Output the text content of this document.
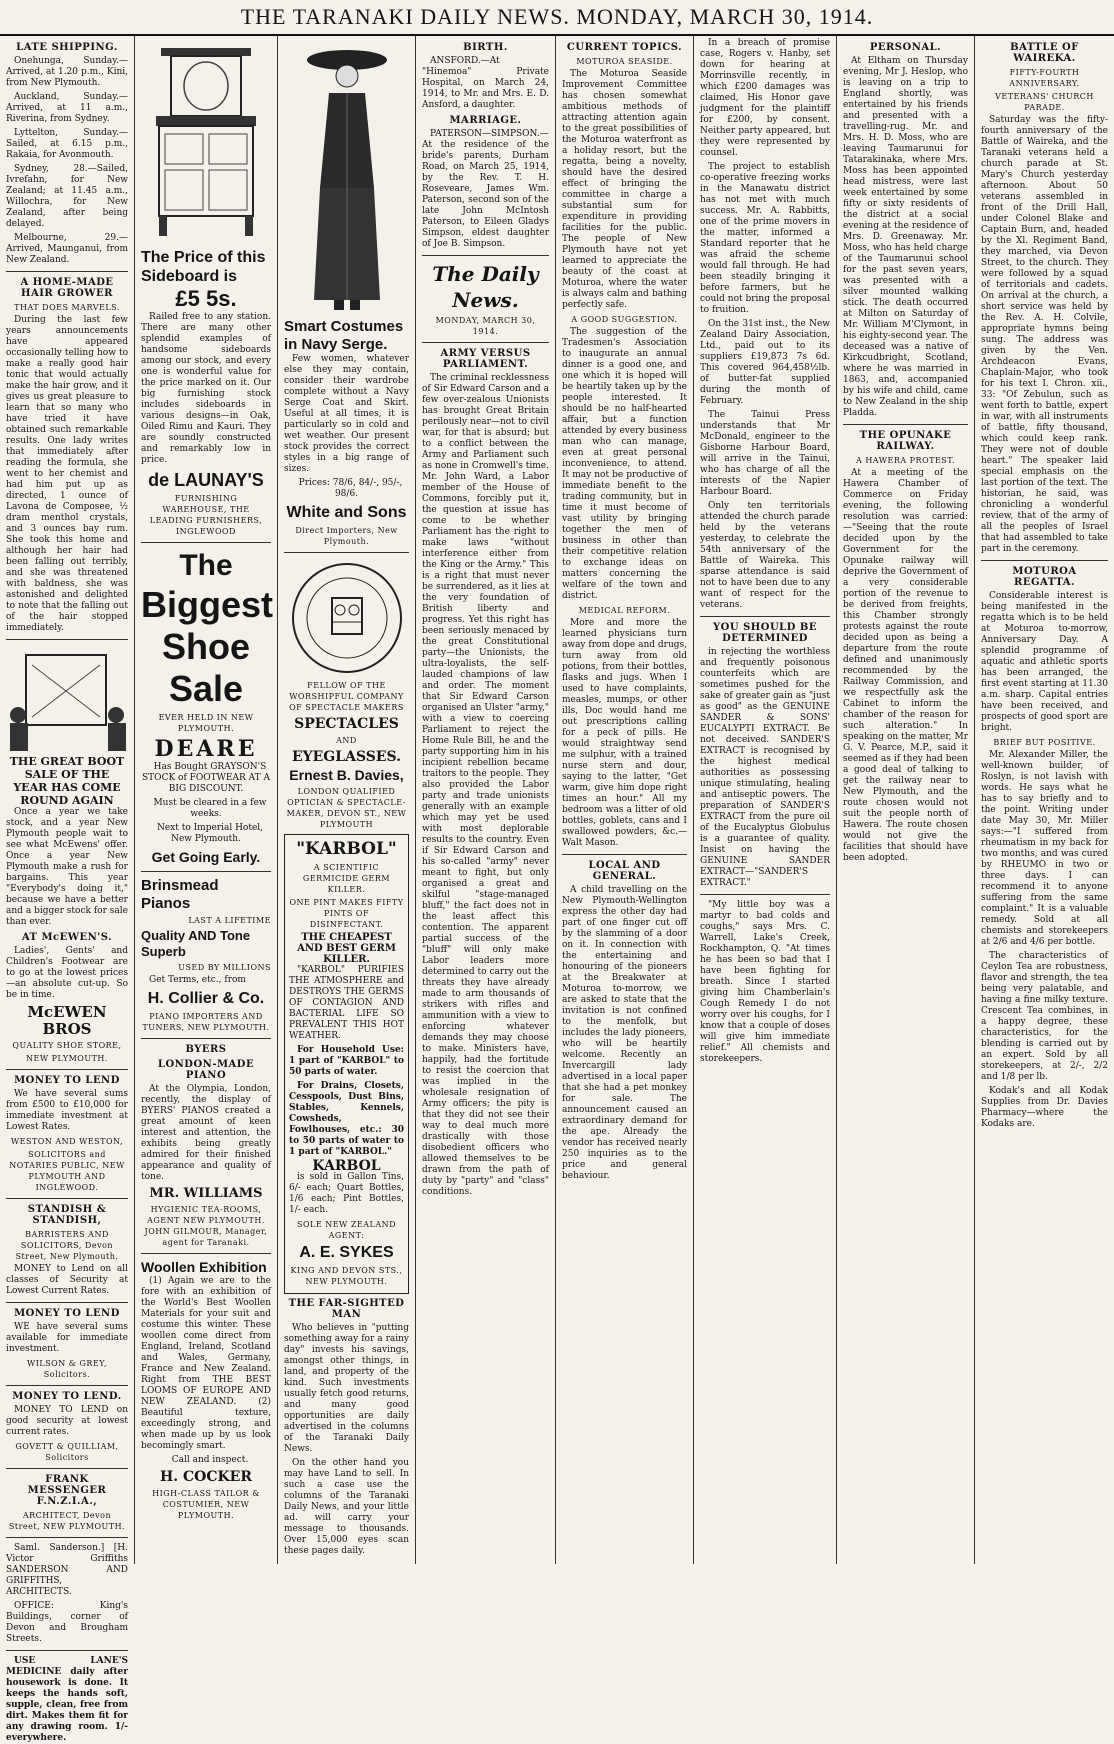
THE TARANAKI DAILY NEWS. MONDAY, MARCH 30, 1914.
LATE SHIPPING.

Onehunga, Sunday.—Arrived, at 1.20 p.m., Kini, from New Plymouth.

Auckland, Sunday.—Arrived, at 11 a.m., Riverina, from Sydney.

Lyttelton, Sunday.—Sailed, at 6.15 p.m., Rakaia, for Avonmouth.

Sydney, 28.—Sailed, Ivrefahn, for New Zealand; at 11.45 a.m., Willochra, for New Zealand, after being delayed.

Melbourne, 29.—Arrived, Maunganui, from New Zealand.

A HOME-MADE HAIR GROWER
THAT DOES MARVELS.

During the last few years announcements have appeared occasionally telling how to make a really good hair tonic that would actually make the hair grow, and it gives us great pleasure to learn that so many who have tried it have obtained such remarkable results. One lady writes that immediately after reading the formula, she went to her chemist and had him put up as directed, 1 ounce of Lavona de Composee, ½ dram menthol crystals, and 3 ounces bay rum. She took this home and although her hair had been falling out terribly, and she was threatened with baldness, she was astonished and delighted to note that the falling out of the hair stopped immediately.

THE GREAT BOOT SALE OF THE YEAR HAS COME ROUND AGAIN

Once a year we take stock, and a year New Plymouth people wait to see what McEwens' offer. Once a year New Plymouth make a rush for bargains. This year "Everybody's doing it," because we have a better and a bigger stock for sale than ever.

AT McEWEN'S.

Ladies', Gents' and Children's Footwear are to go at the lowest prices—an absolute cut-up. So be in time.

McEWEN BROS
QUALITY SHOE STORE,
NEW PLYMOUTH.
MONEY TO LEND

We have several sums from £500 to £10,000 for immediate investment at Lowest Rates.

WESTON AND WESTON,
SOLICITORS and NOTARIES PUBLIC, NEW PLYMOUTH AND INGLEWOOD.
STANDISH & STANDISH,
BARRISTERS AND SOLICITORS, Devon Street, New Plymouth.

MONEY to Lend on all classes of Security at Lowest Current Rates.

MONEY TO LEND

WE have several sums available for immediate investment.

WILSON & GREY, Solicitors.
MONEY TO LEND.

MONEY TO LEND on good security at lowest current rates.

GOVETT & QUILLIAM, Solicitors
FRANK MESSENGER F.N.Z.I.A.,
ARCHITECT, Devon Street, NEW PLYMOUTH.

Saml. Sanderson.] [H. Victor Griffiths SANDERSON AND GRIFFITHS, ARCHITECTS.

OFFICE: King's Buildings, corner of Devon and Brougham Streets.

USE LANE'S MEDICINE daily after housework is done. It keeps the hands soft, supple, clean, free from dirt. Makes them fit for any drawing room. 1/- everywhere.

The Price of this Sideboard is
£5 5s.

Railed free to any station. There are many other splendid examples of handsome sideboards among our stock, and every one is wonderful value for the price marked on it. Our big furnishing stock includes sideboards in various designs—in Oak, Oiled Rimu and Kauri. They are soundly constructed and remarkably low in price.

de LAUNAY'S
FURNISHING WAREHOUSE, THE LEADING FURNISHERS, INGLEWOOD
The
Biggest
Shoe
Sale
EVER HELD IN NEW PLYMOUTH.
DEARE

Has Bought GRAYSON'S STOCK of FOOTWEAR AT A BIG DISCOUNT.

Must be cleared in a few weeks.

Next to Imperial Hotel, New Plymouth.

Get Going Early.
Brinsmead Pianos
LAST A LIFETIME
Quality AND Tone Superb
USED BY MILLIONS

Get Terms, etc., from

H. Collier & Co.
PIANO IMPORTERS AND TUNERS, NEW PLYMOUTH.
BYERS
LONDON-MADE PIANO

At the Olympia, London, recently, the display of BYERS' PIANOS created a great amount of keen interest and attention, the exhibits being greatly admired for their finished appearance and quality of tone.

MR. WILLIAMS
HYGIENIC TEA-ROOMS, AGENT NEW PLYMOUTH. JOHN GILMOUR, Manager, agent for Taranaki.
Woollen Exhibition

(1) Again we are to the fore with an exhibition of the World's Best Woollen Materials for your suit and costume this winter. These woollen come direct from England, Ireland, Scotland and Wales, Germany, France and New Zealand. Right from THE BEST LOOMS OF EUROPE AND NEW ZEALAND. (2) Beautiful texture, exceedingly strong, and when made up by us look becomingly smart.

Call and inspect.

H. COCKER
HIGH-CLASS TAILOR & COSTUMIER, NEW PLYMOUTH.
Smart Costumes in Navy Serge.

Few women, whatever else they may contain, consider their wardrobe complete without a Navy Serge Coat and Skirt. Useful at all times, it is particularly so in cold and wet weather. Our present stock provides the correct styles in a big range of sizes.

Prices: 78/6, 84/-, 95/-, 98/6.

White and Sons
Direct Importers, New Plymouth.
FELLOW OF THE WORSHIPFUL COMPANY OF SPECTACLE MAKERS
SPECTACLES
AND
EYEGLASSES.
Ernest B. Davies,
LONDON QUALIFIED OPTICIAN & SPECTACLE-MAKER, DEVON ST., NEW PLYMOUTH
"KARBOL"
A SCIENTIFIC GERMICIDE GERM KILLER.
ONE PINT MAKES FIFTY PINTS OF DISINFECTANT.
THE CHEAPEST AND BEST GERM KILLER.

"KARBOL" PURIFIES THE ATMOSPHERE and DESTROYS THE GERMS OF CONTAGION AND BACTERIAL LIFE SO PREVALENT THIS HOT WEATHER.

For Household Use: 1 part of "KARBOL" to 50 parts of water.

For Drains, Closets, Cesspools, Dust Bins, Stables, Kennels, Cowsheds, Fowlhouses, etc.: 30 to 50 parts of water to 1 part of "KARBOL."

KARBOL

is sold in Gallon Tins, 6/- each; Quart Bottles, 1/6 each; Pint Bottles, 1/- each.

SOLE NEW ZEALAND AGENT:
A. E. SYKES
KING AND DEVON STS., NEW PLYMOUTH.
THE FAR-SIGHTED MAN

Who believes in "putting something away for a rainy day" invests his savings, amongst other things, in land, and property of the kind. Such investments usually fetch good returns, and many good opportunities are daily advertised in the columns of the Taranaki Daily News.

On the other hand you may have Land to sell. In such a case use the columns of the Taranaki Daily News, and your little ad. will carry your message to thousands. Over 15,000 eyes scan these pages daily.

BIRTH.

ANSFORD.—At "Hinemoa" Private Hospital, on March 24, 1914, to Mr. and Mrs. E. D. Ansford, a daughter.

MARRIAGE.

PATERSON—SIMPSON.—At the residence of the bride's parents, Durham Road, on March 25, 1914, by the Rev. T. H. Roseveare, James Wm. Paterson, second son of the late John McIntosh Paterson, to Eileen Gladys Simpson, eldest daughter of Joe B. Simpson.

The Daily News.
MONDAY, MARCH 30, 1914.
ARMY VERSUS PARLIAMENT.

The criminal recklessness of Sir Edward Carson and a few over-zealous Unionists has brought Great Britain perilously near—not to civil war, for that is absurd; but to a conflict between the Army and Parliament such as none in Cromwell's time. Mr. John Ward, a Labor member of the House of Commons, forcibly put it, the question at issue has come to be whether Parliament has the right to make laws "without interference either from the King or the Army." This is a right that must never be surrendered, as it lies at the very foundation of British liberty and progress. Yet this right has been seriously menaced by the great Constitutional party—the Unionists, the ultra-loyalists, the self-lauded champions of law and order. The moment that Sir Edward Carson organised an Ulster "army," with a view to coercing Parliament to reject the Home Rule Bill, he and the party supporting him in his incipient rebellion became traitors to the people. They also provided the Labor party and trade unionists generally with an example which may yet be used with most deplorable results to the country. Even if Sir Edward Carson and his so-called "army" never meant to fight, but only organised a great and skilful "stage-managed bluff," the fact does not in the least affect this contention. The apparent partial success of the "bluff" will only make Labor leaders more determined to carry out the threats they have already made to arm thousands of strikers with rifles and ammunition with a view to enforcing whatever demands they may choose to make. Ministers have, happily, had the fortitude to resist the coercion that was implied in the wholesale resignation of Army officers; the pity is that they did not see their way to deal much more drastically with those disobedient officers who allowed themselves to be drawn from the path of duty by "party" and "class" conditions.

CURRENT TOPICS.
MOTUROA SEASIDE.

The Moturoa Seaside Improvement Committee has chosen somewhat ambitious methods of attracting attention again to the great possibilities of the Moturoa waterfront as a holiday resort, but the regatta, being a novelty, should have the desired effect of bringing the committee in charge a substantial sum for expenditure in providing facilities for the public. The people of New Plymouth have not yet learned to appreciate the beauty of the coast at Moturoa, where the water is always calm and bathing perfectly safe.

A GOOD SUGGESTION.

The suggestion of the Tradesmen's Association to inaugurate an annual dinner is a good one, and one which it is hoped will be heartily taken up by the people interested. It should be no half-hearted affair, but a function attended by every business man who can manage, even at great personal inconvenience, to attend. It may not be productive of immediate benefit to the trading community, but in time it must become of vast utility by bringing together the men of business in other than their competitive relation to exchange ideas on matters concerning the welfare of the town and district.

MEDICAL REFORM.

More and more the learned physicians turn away from dope and drugs, turn away from old potions, from their bottles, flasks and jugs. When I used to have complaints, measles, mumps, or other ills, Doc would hand me out prescriptions calling for a peck of pills. He would straightway send me sulphur, with a trained nurse stern and dour, saying to the latter, "Get warm, give him dope right times an hour." All my bedroom was a litter of old bottles, goblets, cans and I swallowed powders, &c.—Walt Mason.

LOCAL AND GENERAL.

A child travelling on the New Plymouth-Wellington express the other day had part of one finger cut off by the slamming of a door on it. In connection with the entertaining and honouring of the pioneers at the Breakwater at Moturoa to-morrow, we are asked to state that the invitation is not confined to the menfolk, but includes the lady pioneers, who will be heartily welcome. Recently an Invercargill lady advertised in a local paper that she had a pet monkey for sale. The announcement caused an extraordinary demand for the ape. Already the vendor has received nearly 250 inquiries as to the price and general behaviour.

In a breach of promise case, Rogers v. Hanby, set down for hearing at Morrinsville recently, in which £200 damages was claimed, His Honor gave judgment for the plaintiff for £200, by consent. Neither party appeared, but they were represented by counsel.

The project to establish co-operative freezing works in the Manawatu district has not met with much success. Mr. A. Rabbitts, one of the prime movers in the matter, informed a Standard reporter that he was afraid the scheme would fall through. He had been steadily bringing it before farmers, but he could not bring the proposal to fruition.

On the 31st inst., the New Zealand Dairy Association, Ltd., paid out to its suppliers £19,873 7s 6d. This covered 964,458½lb. of butter-fat supplied during the month of February.

The Tainui Press understands that Mr McDonald, engineer to the Gisborne Harbour Board, will arrive in the Tainui, who has charge of all the interests of the Napier Harbour Board.

Only ten territorials attended the church parade held by the veterans yesterday, to celebrate the 54th anniversary of the Battle of Waireka. This sparse attendance is said not to have been due to any want of respect for the veterans.

YOU SHOULD BE DETERMINED

in rejecting the worthless and frequently poisonous counterfeits which are sometimes pushed for the sake of greater gain as "just as good" as the GENUINE SANDER & SONS' EUCALYPTI EXTRACT. Be not deceived. SANDER'S EXTRACT is recognised by the highest medical authorities as possessing unique stimulating, healing and antiseptic powers. The preparation of SANDER'S EXTRACT from the pure oil of the Eucalyptus Globulus is a guarantee of quality. Insist on having the GENUINE SANDER EXTRACT—"SANDER'S EXTRACT."

"My little boy was a martyr to bad colds and coughs," says Mrs. C. Warrell, Lake's Creek, Rockhampton, Q. "At times he has been so bad that I have been fighting for breath. Since I started giving him Chamberlain's Cough Remedy I do not worry over his coughs, for I know that a couple of doses will give him immediate relief." All chemists and storekeepers.

PERSONAL.

At Eltham on Thursday evening, Mr J. Heslop, who is leaving on a trip to England shortly, was entertained by his friends and presented with a travelling-rug. Mr. and Mrs. H. D. Moss, who are leaving Taumarunui for Tatarakinaka, where Mrs. Moss has been appointed head mistress, were last week entertained by some fifty or sixty residents of the district at a social evening at the residence of Mrs. D. Greenaway. Mr. Moss, who has held charge of the Taumarunui school for the past seven years, was presented with a silver mounted walking stick. The death occurred at Milton on Saturday of Mr. William M'Clymont, in his eighty-second year. The deceased was a native of Kirkcudbright, Scotland, where he was married in 1863, and, accompanied by his wife and child, came to New Zealand in the ship Pladda.

THE OPUNAKE RAILWAY.
A HAWERA PROTEST.

At a meeting of the Hawera Chamber of Commerce on Friday evening, the following resolution was carried:—"Seeing that the route decided upon by the Government for the Opunake railway will deprive the Government of a very considerable portion of the revenue to be derived from freights, this Chamber strongly protests against the route decided upon as being a departure from the route defined and unanimously recommended by the Railway Commission, and we respectfully ask the Cabinet to inform the chamber of the reason for such alteration." In speaking on the matter, Mr G. V. Pearce, M.P., said it seemed as if they had been a good deal of talking to get the railway near to New Plymouth, and the route chosen would not suit the people north of Hawera. The route chosen would not give the facilities that should have been adopted.

BATTLE OF WAIREKA.
FIFTY-FOURTH ANNIVERSARY.
VETERANS' CHURCH PARADE.

Saturday was the fifty-fourth anniversary of the Battle of Waireka, and the Taranaki veterans held a church parade at St. Mary's Church yesterday afternoon. About 50 veterans assembled in front of the Drill Hall, under Colonel Blake and Captain Burn, and, headed by the Xl. Regiment Band, they marched, via Devon Street, to the church. They were followed by a squad of territorials and cadets. On arrival at the church, a short service was held by the Rev. A. H. Colvile, appropriate hymns being sung. The address was given by the Ven. Archdeacon Evans, Chaplain-Major, who took for his text I. Chron. xii., 33: "Of Zebulun, such as went forth to battle, expert in war, with all instruments of battle, fifty thousand, which could keep rank. They were not of double heart." The speaker laid special emphasis on the last portion of the text. The historian, he said, was chronicling a wonderful review, that of the army of all the peoples of Israel that had assembled to take part in the ceremony.

MOTUROA REGATTA.

Considerable interest is being manifested in the regatta which is to be held at Moturoa to-morrow, Anniversary Day. A splendid programme of aquatic and athletic sports has been arranged, the first event starting at 11.30 a.m. sharp. Capital entries have been received, and prospects of good sport are bright.

BRIEF BUT POSITIVE.

Mr. Alexander Miller, the well-known builder, of Roslyn, is not lavish with words. He says what he has to say briefly and to the point. Writing under date May 30, Mr. Miller says:—"I suffered from rheumatism in my back for two months, and was cured by RHEUMO in two or three days. I can recommend it to anyone suffering from the same complaint." It is a valuable remedy. Sold at all chemists and storekeepers at 2/6 and 4/6 per bottle.

The characteristics of Ceylon Tea are robustness, flavor and strength, the tea being very palatable, and having a fine milky texture. Crescent Tea combines, in a happy degree, these characteristics, for the blending is carried out by an expert. Sold by all storekeepers, at 2/-, 2/2 and 1/8 per lb.

Kodak's and all Kodak Supplies from Dr. Davies Pharmacy—where the Kodaks are.
